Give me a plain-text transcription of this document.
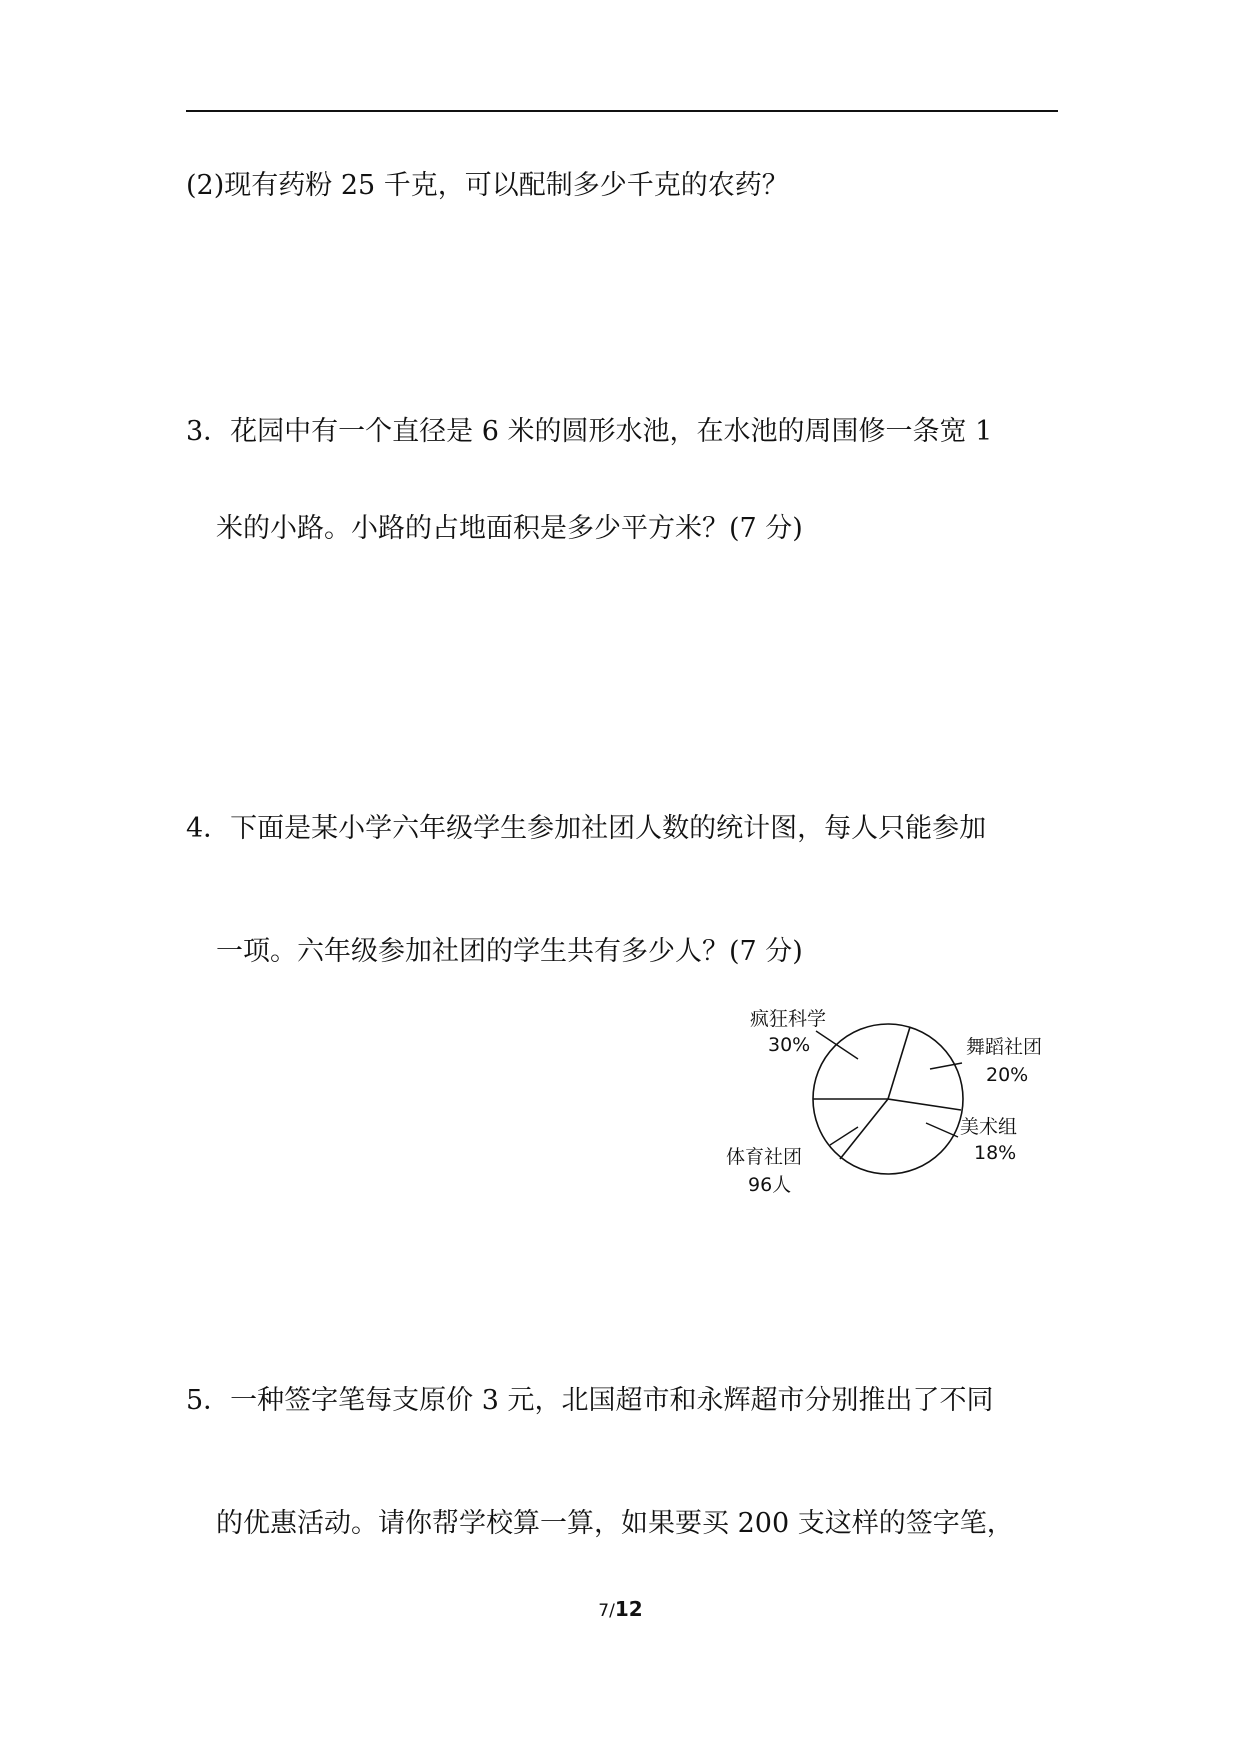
(2)现有药粉 25 千克，可以配制多少千克的农药？
3．花园中有一个直径是 6 米的圆形水池，在水池的周围修一条宽 1
米的小路。小路的占地面积是多少平方米？(7 分)
4．下面是某小学六年级学生参加社团人数的统计图，每人只能参加
一项。六年级参加社团的学生共有多少人？(7 分)
疯狂科学
30%	舞蹈社团
20%
美术组
18%
体育社团
96人
5．一种签字笔每支原价 3 元，北国超市和永辉超市分别推出了不同
的优惠活动。请你帮学校算一算，如果要买 200 支这样的签字笔，
7/12
